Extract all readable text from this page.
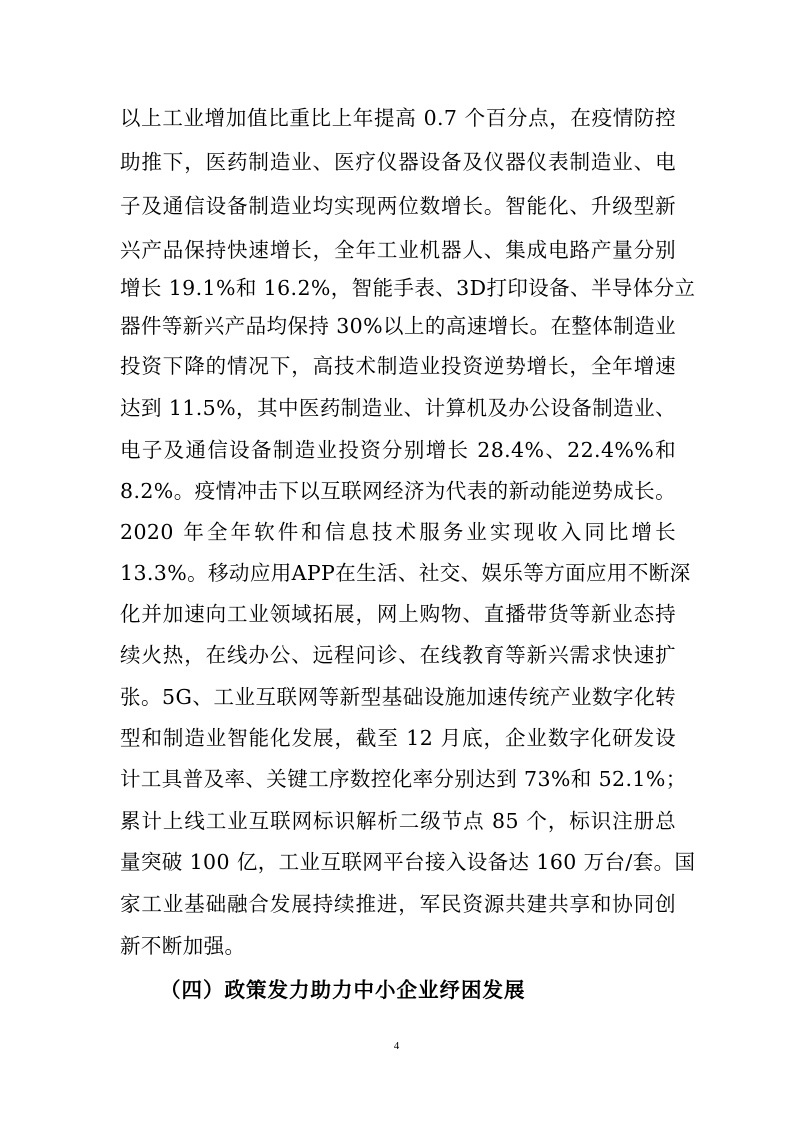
以上工业增加值比重比上年提高 0.7 个百分点，在疫情防控
助推下，医药制造业、医疗仪器设备及仪器仪表制造业、电
子及通信设备制造业均实现两位数增长。智能化、升级型新
兴产品保持快速增长，全年工业机器人、集成电路产量分别
增长 19.1%和 16.2%，智能手表、3D打印设备、半导体分立
器件等新兴产品均保持 30%以上的高速增长。在整体制造业
投资下降的情况下，高技术制造业投资逆势增长，全年增速
达到 11.5%，其中医药制造业、计算机及办公设备制造业、
电子及通信设备制造业投资分别增长 28.4%、22.4%%和
8.2%。疫情冲击下以互联网经济为代表的新动能逆势成长。
2020 年全年软件和信息技术服务业实现收入同比增长
13.3%。移动应用APP在生活、社交、娱乐等方面应用不断深
化并加速向工业领域拓展，网上购物、直播带货等新业态持
续火热，在线办公、远程问诊、在线教育等新兴需求快速扩
张。5G、工业互联网等新型基础设施加速传统产业数字化转
型和制造业智能化发展，截至 12 月底，企业数字化研发设
计工具普及率、关键工序数控化率分别达到 73%和 52.1%；
累计上线工业互联网标识解析二级节点 85 个，标识注册总
量突破 100 亿，工业互联网平台接入设备达 160 万台/套。国
家工业基础融合发展持续推进，军民资源共建共享和协同创
新不断加强。
（四）政策发力助力中小企业纾困发展
4
